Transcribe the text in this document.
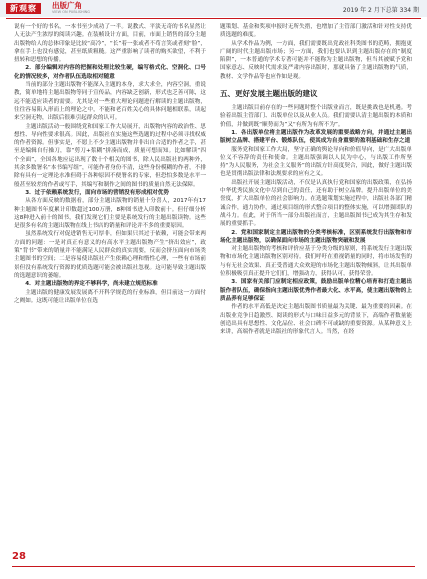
新观察	出版广角
VIEW ON PUBLISHING	2019 年 2 月下总第 334 期

说有一个好的书名，一本书至少成功了一半。说教式、平淡无奇的书名显然让人无法产生浓厚的阅读兴趣。在装帧设计方面，目前，市面上销售的部分主题出版物给人的总体印象是比较“高冷”，“长”着一张或者不苟言笑或者刻“脸”，拿在手上也没有感觉，甚至纸质粗糙。这严重影响了读者的购买欲望，不利于扭转和思想的传播。

2．部分编辑对内容的把握和处理比较生硬，编写格式化、空洞化、口号化的情况较多，对作者队伍选取相对随意

当前的部分主题出版物不能深入主题的本身，求大求全，内容空洞，重说教，简单地将主题出版物等同于宣传品，内容缺乏创新，形式也乏善可陈，这远不能适应读者的需要。尤其是对一些重大理论问题进行解读的主题出版物，往往容易陷入形而上的理论之中，不能和老百姓关心的具体问题相联系，读起来空洞无物，出版后很难引起群众的认可。

主题出版活动一般围绕党和国家工作大局展开，出版物内容的政治性、思想性、导向性要求很高。因此，出版社在实施这些选题的过程中必须寻找权威的作者资源。但事实是，不愿上不少主题出版物并非出自合适的作者之手，甚至是编辑自行操刀，靠“剪刀+浆糊”拼凑而成，质量可想而知。比如解读“四个全面”，全国各地应运出现了数十个相关的图书，除人民出版社的两种外，其余多数署名“本书编写组”，可能作者身份不清，这些身份模糊的作者，不排除有具有一定理论水准但碍于各种原因不便署名的专家，但恐怕多数是水平一般甚至较差的作者或写手，其编写和制作之间的图书的质量自然无法保障。

3．过于依赖系统发行，面向市场的营销没有形成相对优势

从各方面反映的数据看，部分主题出版物的销量十分喜人，2017年有17种主题图书年度累计印数超过100万册，8种图书进入印数前十。但仔细分析这8种进入前十的图书，我们发现它们主要是系统发行的主题出版读物。这些是很多有名的主题出版物在线上书店的销量和评论并不多的重要原因。

虽然系统发行对促进销售无可厚非，但如果只其过于依赖，可能会带来两方面的问题：一是对真正有意义的有高水平主题出版物产生“挤出效应”，政策“背书”带来的销量并不能满足人民群众的真实需要，反而会挤压面向市场类主题图书的空间；二是容易使出版社产生依赖心理和惰性心理，一些有市场前景但没有系统发行资源的优质选题可能会被出版社忽视。这可能导致主题出版的选题意识的萎缩。

4．对主题出版物的界定不够科学，尚未建立规范标准

主题出版的健康发展发展离不开科学规范的行业标准，但目前这一方面付之阙如。这既可能让出版单位在选

题策划、基金和奖项申报时无所失措，也增加了主管部门激活和针对性支持优质选题的难度。

从学术作品为例，一方面，我们需要既出党政社科类图书的范畴，拥抱更广阔的时代主题出版市场；另一方面，我们也要认识到主题出版存在的“制度陷阱”，一本普通的学术专著可能并不能称为主题出版物，但当其被赋予党和国家意志、反映时代需求及严肃内容出版时，那就具备了主题出版物的气质，教材、文学作品等也应作如是观。

五、更好发展主题出版的建议

主题出版目前存在的一些问题时整个出版业而言，既是挑战也是机遇。考验着出版主管部门、出版单位以及从业人员。我们需要认清主题出版的本质和价值，并做到既“顺势而为”又“有所为有所不为”。

1．各出版单位将主题出版作为改革发展的重要战略方向，并通过主题出版树立品牌、搭建平台、锻炼队伍，使其成为自身重要的盈利基础和生存之道

服务党和国家工作大局，坚守正确的舆论导向和价值导向，是广大出版单位义不容辞的责任和使命。主题出版强调以人民为中心，与出版工作所坚持“为人民服务，为社会主义服务”的出版方针高度契合，因此，做好主题出版也是贯彻出版法律和法规要求的应有之义。

出版社开展主题出版活动，不仅是认真执行党和国家的出版政策，在弘扬中华优秀民族文化中尽到自己的责任，还有助于树立品牌。提升出版单位的美誉度，扩大出版单位的社会影响力。在选题策划实施过程中，出版社各部门精诚合作，通力协作，通过项目组的形式整合项目的整体实施，可以增强团队的战斗力。在此，对于所当一部分出版社而言，主题出版图书已成为其生存和发展的重要抓手。

2．党和国家制定主题出版物的分类考核标准，区别系统发行出版物和市场化主题出版物，以确保面向市场的主题出版物突破和发展

对主题出版物的考核和评价应基于分类分级的原则，将系统发行主题出版物和市场化主题出版物区别对待。我们呼吁在重视销量的同时，将市场发售的与有无社会效果、真正受普通大众欢迎的市场化主题出版物倾斜，让其出版单位积极吸引真正提升它们们，增强动力，获得认可，获得荣誉。

3．国家有关部门应制定相应政策，鼓励出版单位精心培育和打造主题出版作者队伍，确保指向主题出版优秀作者最大化、水平高，使主题出版物的上质品养有足够保证

作者的水平高低是决定主题出版图书质量最为关键、最为重要的因素。在出版业竞争日趋激烈、阅读的形式与口味日益多元的背景下，高端作者数量能创造出具有思想性、文化品位、社会口碑不可或缺的重要资源。从某种意义上来讲，高端作者就是出版社的形象代言人。当然，在经

28
